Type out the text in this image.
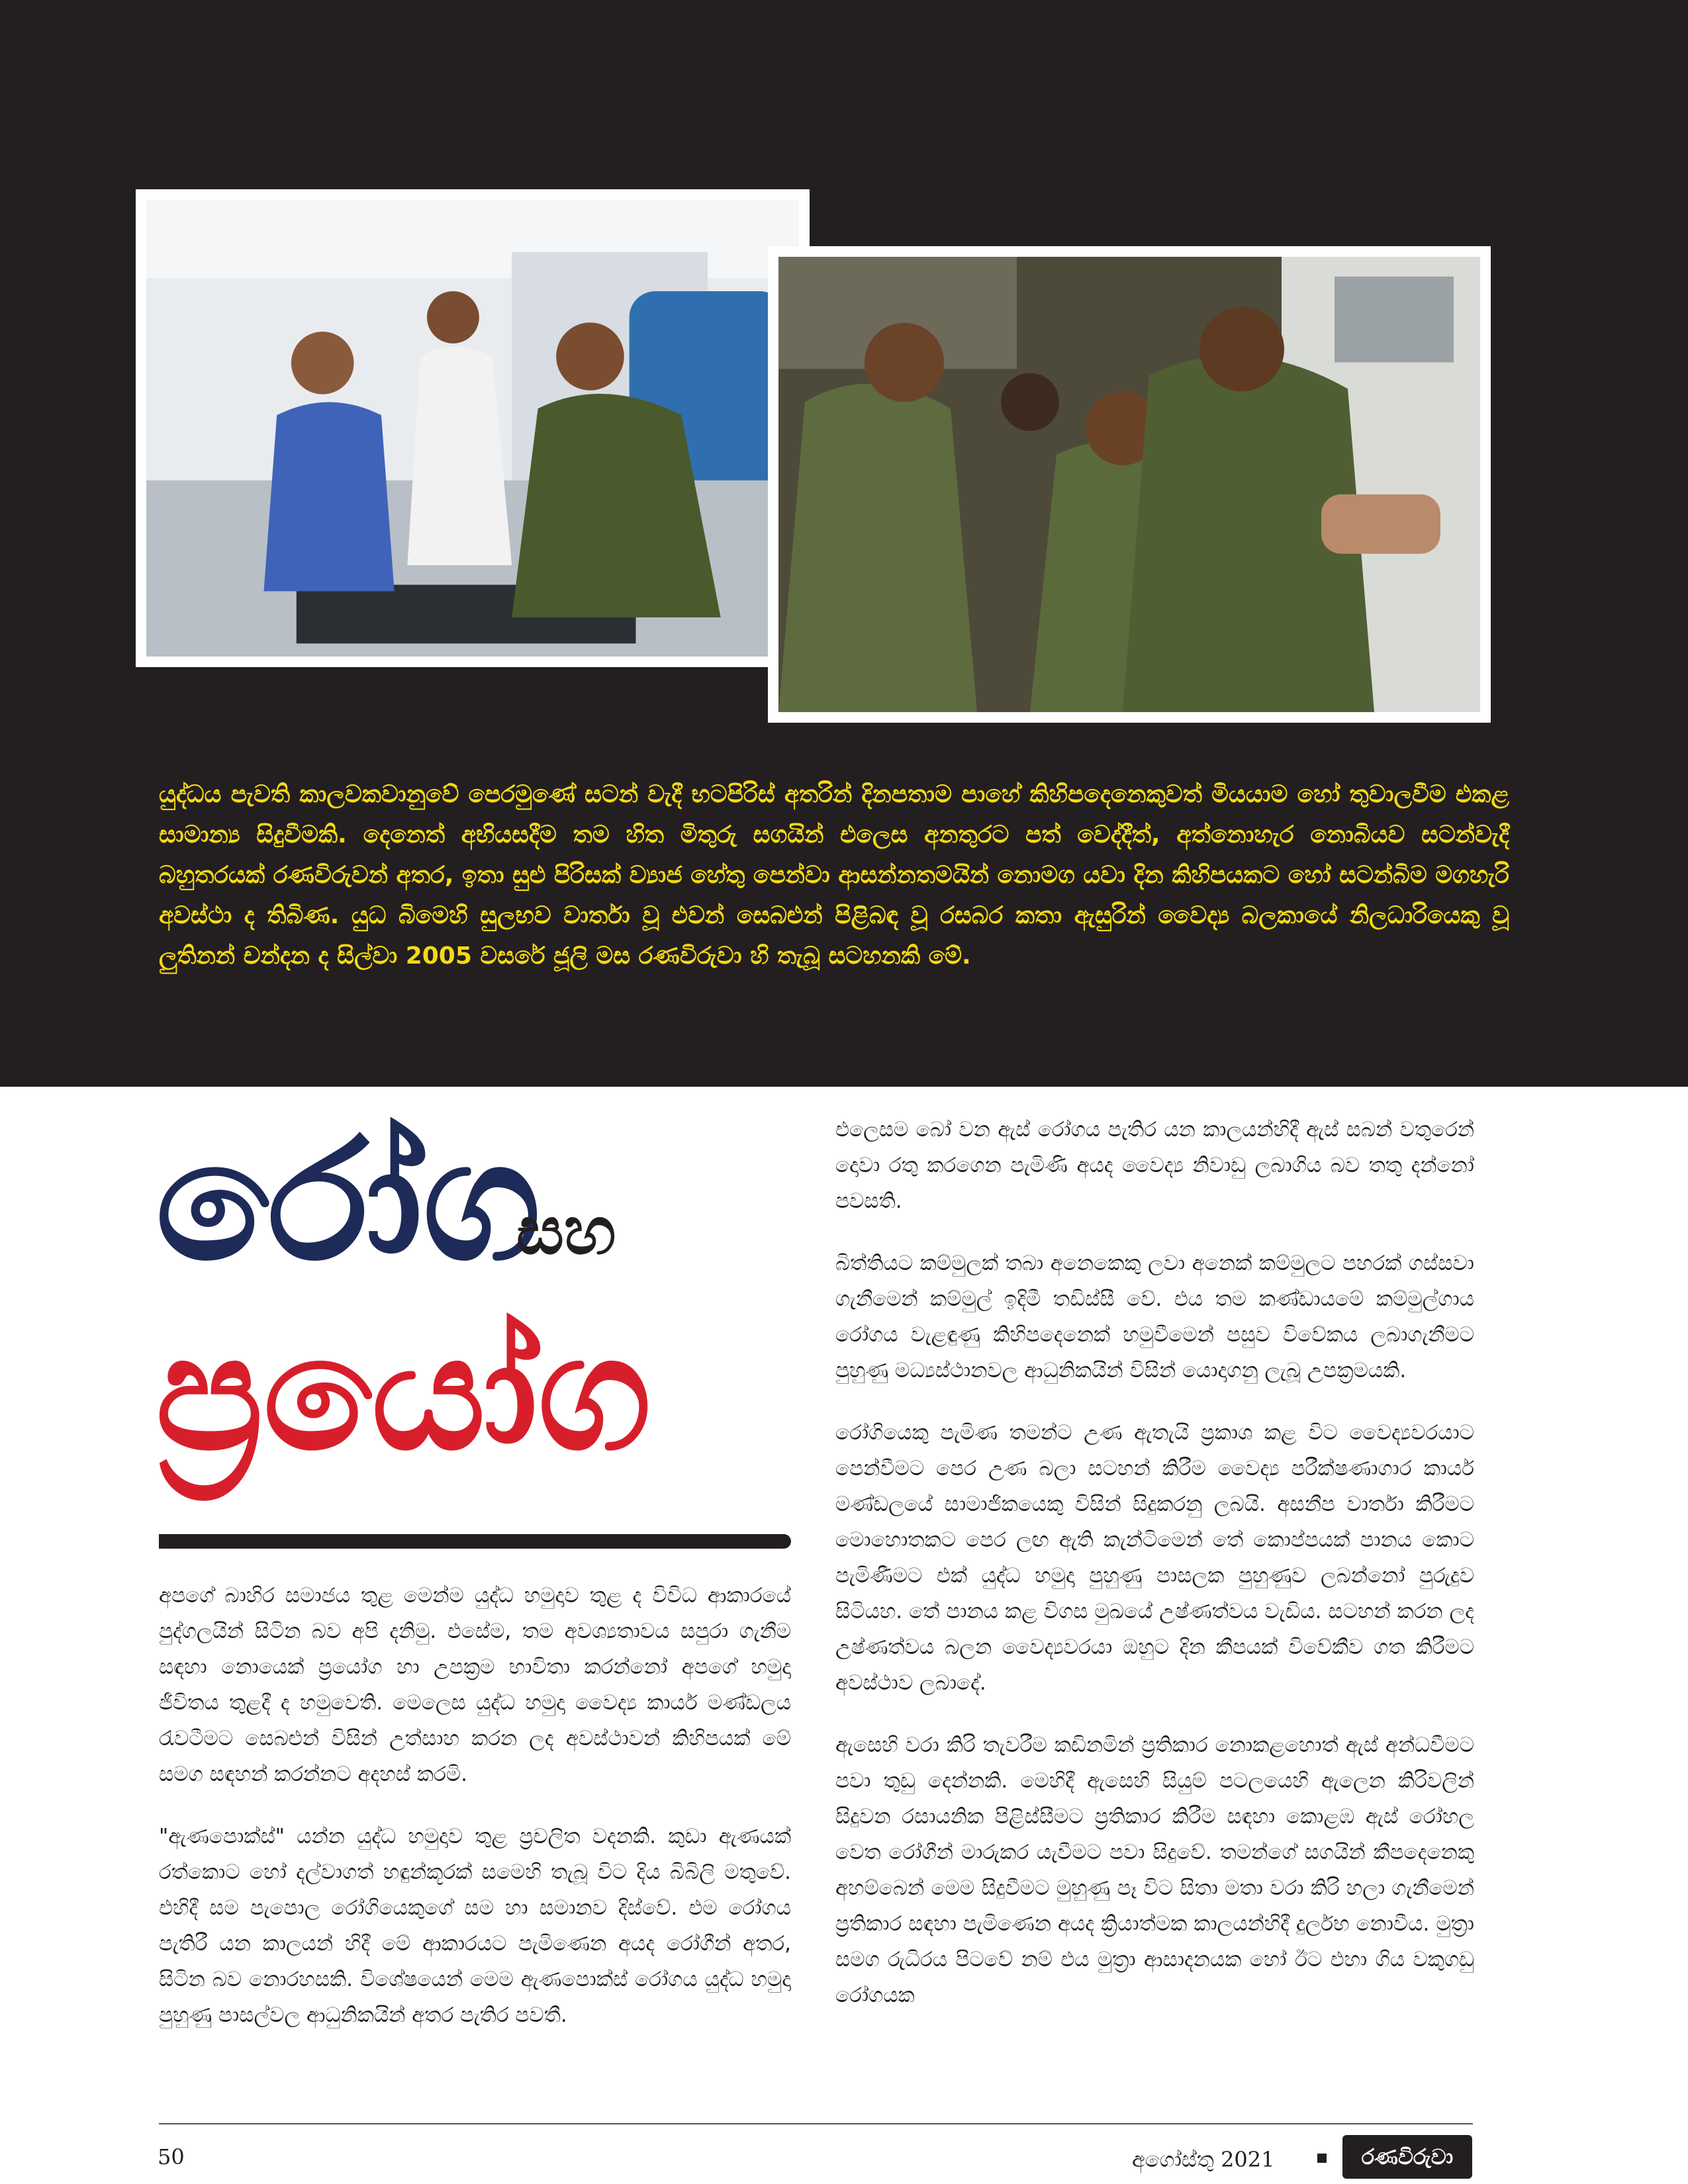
යුද්ධය පැවති කාලවකවානුවේ පෙරමුණේ සටන් වැදී භටපිරිස් අතරින් දිනපතාම පාහේ කිහිපදෙනෙකුවත් මියයාම හෝ තුවාලවීම එකළ සාමාන්‍ය සිදුවීමකි. දෙනෙත් අභියසදීම තම හිත මිතුරු සගයින් එලෙස අනතුරට පත් වෙද්දීත්, අත්නොහැර නොබියව සටන්වැදී බහුතරයක් රණවිරුවන් අතර, ඉතා සුළු පිරිසක් ව්‍යාජ හේතු පෙන්වා ආසන්නතමයින් නොමග යවා දින කිහිපයකට හෝ සටන්බිම මගහැරි අවස්ථා ද තිබිණ. යුධ බිමෙහි සුලභව වාර්තා වූ එවන් සෙබළුන් පිළිබඳ වූ රසබර කතා ඇසුරින් වෛද්‍ය බලකායේ නිලධාරියෙකු වූ ලුතිනන් චන්දන ද සිල්වා 2005 වසරේ ජූලි මස රණවිරුවා හි තැබූ සටහනකි මේ.
රෝග
සහ
ප්‍රයෝග

අපගේ බාහිර සමාජය තුළ මෙන්ම යුද්ධ හමුදාව තුළ ද විවිධ ආකාරයේ පුද්ගලයින් සිටින බව අපි දනිමු. එසේම, තම අවශ්‍යතාවය සපුරා ගැනීම සඳහා නොයෙක් ප්‍රයෝග හා උපක්‍රම භාවිතා කරන්නෝ අපගේ හමුදා ජීවිතය තුළදී ද හමුවෙති. මෙලෙස යුද්ධ හමුදා වෛද්‍ය කාර්ය මණ්ඩලය රැවටීමට සෙබළුන් විසින් උත්සාහ කරන ලද අවස්ථාවන් කිහිපයක් මේ සමග සඳහන් කරන්නට අදහස් කරමි.

"ඇණපොක්ස්" යන්න යුද්ධ හමුදාව තුළ ප්‍රචලිත වදනකි. කුඩා ඇණයක් රත්කොට හෝ දල්වාගත් හඳුන්කූරක් සමෙහි තැබූ විට දිය බිබිලි මතුවේ. එහිදී සම පැපොල රෝගියෙකුගේ සම හා සමානව දිස්වේ. එම රෝගය පැතිරී යන කාලයන් හිදී මේ ආකාරයට පැමිණෙන අයද රෝගීන් අතර, සිටින බව නොරහසකි. විශේෂයෙන් මෙම ඇණපොක්ස් රෝගය යුද්ධ හමුදා පුහුණු පාසල්වල ආධුනිකයින් අතර පැතිර පවතී.

එලෙසම බෝ වන ඇස් රෝගය පැතිර යන කාලයන්හිදී ඇස් සබන් වතුරෙන් දොවා රතු කරගෙන පැමිණි අයද වෛද්‍ය නිවාඩු ලබාගිය බව තතු දන්නෝ පවසති.

බිත්තියට කම්මුලක් තබා අනෙකෙකු ලවා අනෙක් කම්මුලට පහරක් ගස්සවා ගැනීමෙන් කම්මුල් ඉදිමී තඩිස්සී වේ. එය තම කණ්ඩායමේ කම්මුල්ගාය රෝගය වැළඳුණු කිහිපදෙනෙක් හමුවීමෙන් පසුව විවේකය ලබාගැනීමට පුහුණු මධ්‍යස්ථානවල ආධුනිකයින් විසින් යොදාගනු ලැබූ උපක්‍රමයකි.

රෝගියෙකු පැමිණ තමන්ට උණ ඇතැයි ප්‍රකාශ කළ විට වෛද්‍යවරයාට පෙන්වීමට පෙර උණ බලා සටහන් කිරීම වෛද්‍ය පරීක්ෂණාගාර කාර්ය මණ්ඩලයේ සාමාජිකයෙකු විසින් සිදුකරනු ලබයි. අසනීප වාර්තා කිරීමට මොහොතකට පෙර ලඟ ඇති කැන්ටිමෙන් තේ කොප්පයක් පානය කොට පැමිණීමට එක් යුද්ධ හමුදා පුහුණු පාසලක පුහුණුව ලබන්නෝ පුරුදුව සිටියහ. තේ පානය කළ විගස මුඛයේ උෂ්ණත්වය වැඩිය. සටහන් කරන ලද උෂ්ණත්වය බලන වෛද්‍යවරයා ඔහුට දින කීපයක් විවේකීව ගත කිරීමට අවස්ථාව ලබාදේ.

ඇසෙහි වරා කිරි තැවරීම කඩිනමින් ප්‍රතිකාර නොකළහොත් ඇස් අන්ධවීමට පවා තුඩු දෙන්නකි. මෙහිදී ඇසෙහි සියුම් පටලයෙහි ඇලෙන කිරිවලින් සිදුවන රසායනික පිළිස්සීමට ප්‍රතිකාර කිරීම සඳහා කොළඹ ඇස් රෝහල වෙත රෝගීන් මාරුකර යැවීමට පවා සිදුවේ. තමන්ගේ සගයින් කීපදෙනෙකු අහම්බෙන් මෙම සිදුවීමට මුහුණු පෑ විට සිතා මතා වරා කිරි හලා ගැනීමෙන් ප්‍රතිකාර සඳහා පැමිණෙන අයද ක්‍රියාත්මක කාලයන්හිදී දුර්ලභ නොවීය. මුත්‍රා සමග රුධිරය පිටවේ නම් එය මුත්‍රා ආසාදනයක හෝ ඊට එහා ගිය වකුගඩු රෝගයක

50	අගෝස්තු 2021	රණවිරුවා
